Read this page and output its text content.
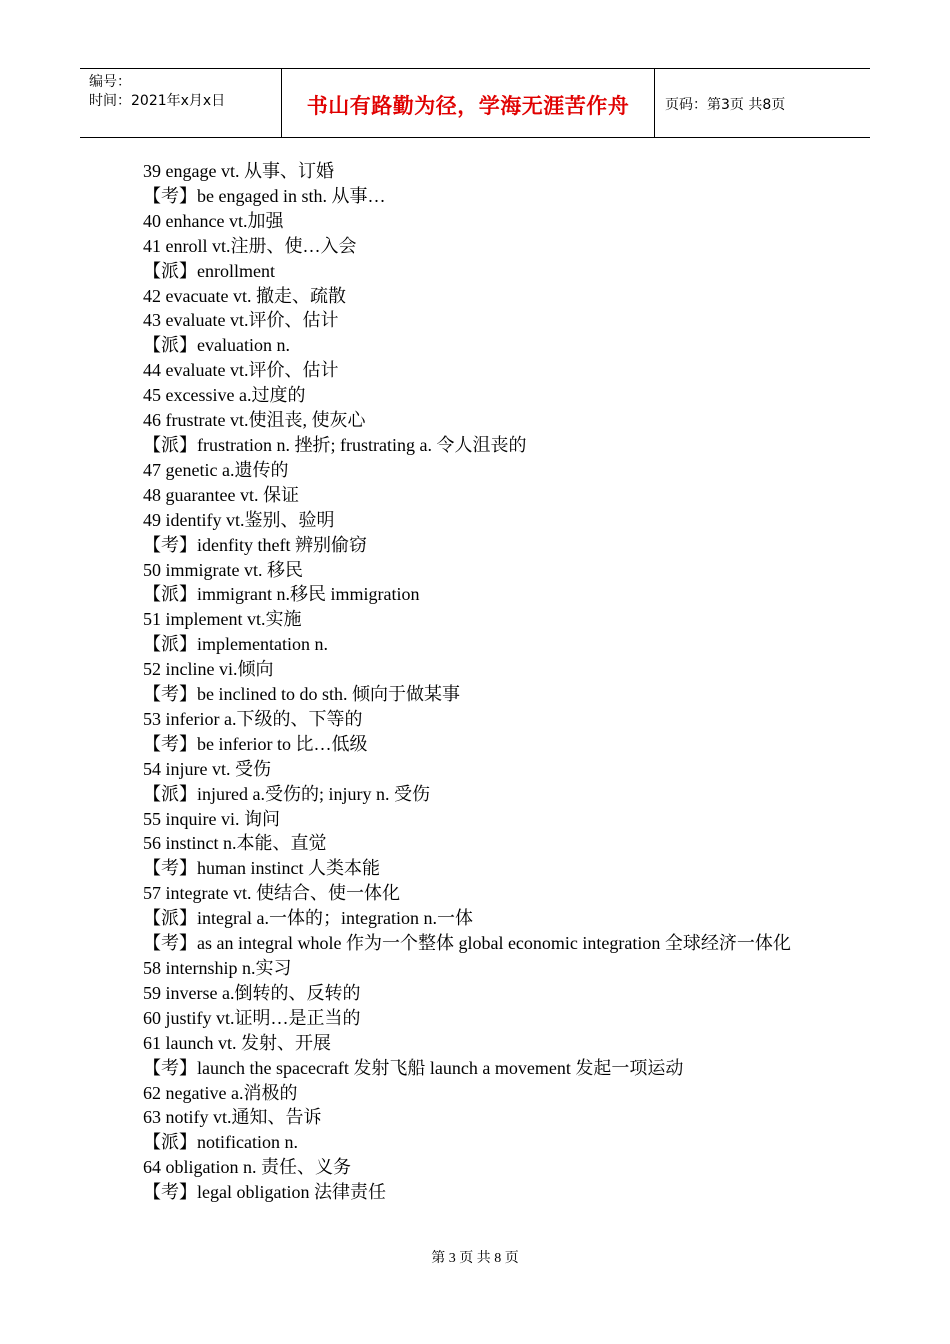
编号：
时间：2021年x月x日	书山有路勤为径，学海无涯苦作舟	页码：第3页 共8页
39 engage vt. 从事、订婚
【考】be engaged in sth. 从事…
40 enhance vt.加强
41 enroll vt.注册、使…入会
【派】enrollment
42 evacuate vt. 撤走、疏散
43 evaluate vt.评价、估计
【派】evaluation n.
44 evaluate vt.评价、估计
45 excessive a.过度的
46 frustrate vt.使沮丧, 使灰心
【派】frustration n. 挫折; frustrating a. 令人沮丧的
47 genetic a.遗传的
48 guarantee vt. 保证
49 identify vt.鉴别、验明
【考】idenfity theft 辨别偷窃
50 immigrate vt. 移民
【派】immigrant n.移民 immigration
51 implement vt.实施
【派】implementation n.
52 incline vi.倾向
【考】be inclined to do sth. 倾向于做某事
53 inferior a.下级的、下等的
【考】be inferior to 比…低级
54 injure vt. 受伤
【派】injured a.受伤的; injury n. 受伤
55 inquire vi. 询问
56 instinct n.本能、直觉
【考】human instinct 人类本能
57 integrate vt. 使结合、使一体化
【派】integral a.一体的；integration n.一体
【考】as an integral whole 作为一个整体 global economic integration 全球经济一体化
58 internship n.实习
59 inverse a.倒转的、反转的
60 justify vt.证明…是正当的
61 launch vt. 发射、开展
【考】launch the spacecraft 发射飞船 launch a movement 发起一项运动
62 negative a.消极的
63 notify vt.通知、告诉
【派】notification n.
64 obligation n. 责任、义务
【考】legal obligation 法律责任
第 3 页 共 8 页
